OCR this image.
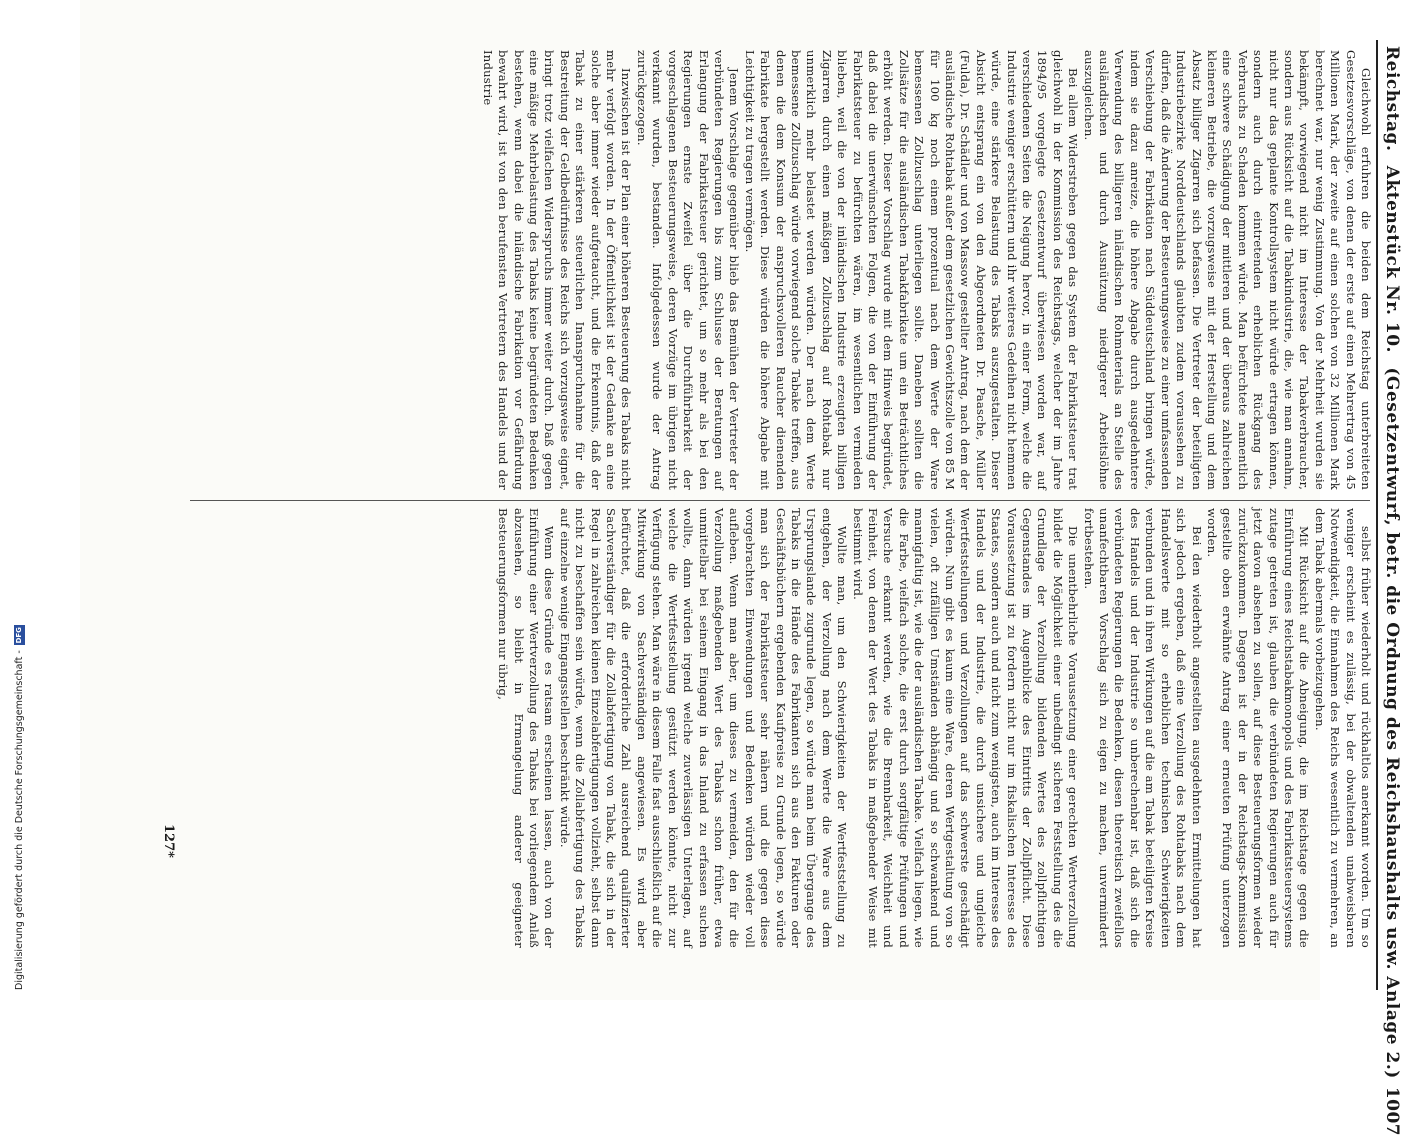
Reichstag. Aktenstück Nr. 10. (Gesetzentwurf, betr. die Ordnung des Reichshaushalts usw. Anlage 2.)
1007

Gleichwohl erfuhren die beiden dem Reichstag unterbreiteten Gesetzesvorschläge, von denen der erste auf einen Mehrertrag von 45 Millionen Mark, der zweite auf einen solchen von 32 Millionen Mark berechnet war, nur wenig Zustimmung. Von der Mehrheit wurden sie bekämpft, vorwiegend nicht im Interesse der Tabakverbraucher, sondern aus Rücksicht auf die Tabakindustrie, die, wie man annahm, nicht nur das geplante Kontrollsystem nicht würde ertragen können, sondern auch durch eintretenden erheblichen Rückgang des Verbrauchs zu Schaden kommen würde. Man befürchtete namentlich eine schwere Schädigung der mittleren und der überaus zahlreichen kleineren Betriebe, die vorzugsweise mit der Herstellung und dem Absatz billiger Zigarren sich befassen. Die Vertreter der beteiligten Industriebezirke Norddeutschlands glaubten zudem voraussehen zu dürfen, daß die Änderung der Besteuerungsweise zu einer umfassenden Verschiebung der Fabrikation nach Süddeutschland bringen würde, indem sie dazu anreize, die höhere Abgabe durch ausgedehntere Verwendung des billigeren inländischen Rohmaterials an Stelle des ausländischen und durch Ausnützung niedrigerer Arbeitslöhne auszugleichen.

Bei allem Widerstreben gegen das System der Fabrikatsteuer trat gleichwohl in der Kommission des Reichstags, welcher der im Jahre 1894/95 vorgelegte Gesetzentwurf überwiesen worden war, auf verschiedenen Seiten die Neigung hervor, in einer Form, welche die Industrie weniger erschüttern und ihr weiteres Gedeihen nicht hemmen würde, eine stärkere Belastung des Tabaks auszugestalten. Dieser Absicht entsprang ein von den Abgeordneten Dr. Paasche, Müller (Fulda), Dr. Schädler und von Massow gestellter Antrag, nach dem der ausländische Rohtabak außer dem gesetzlichen Gewichtszolle von 85 M für 100 kg noch einem prozentual nach dem Werte der Ware bemessenen Zollzuschlag unterliegen sollte. Daneben sollten die Zollsätze für die ausländischen Tabakfabrikate um ein Beträchtliches erhöht werden. Dieser Vorschlag wurde mit dem Hinweis begründet, daß dabei die unerwünschten Folgen, die von der Einführung der Fabrikatsteuer zu befürchten wären, im wesentlichen vermieden blieben, weil die von der inländischen Industrie erzeugten billigen Zigarren durch einen mäßigen Zollzuschlag auf Rohtabak nur unmerklich mehr belastet werden würden. Der nach dem Werte bemessene Zollzuschlag würde vorwiegend solche Tabake treffen, aus denen die dem Konsum der anspruchsvolleren Raucher dienenden Fabrikate hergestellt werden. Diese würden die höhere Abgabe mit Leichtigkeit zu tragen vermögen.

Jenem Vorschlage gegenüber blieb das Bemühen der Vertreter der verbündeten Regierungen bis zum Schlusse der Beratungen auf Erlangung der Fabrikatsteuer gerichtet, um so mehr als bei den Regierungen ernste Zweifel über die Durchführbarkeit der vorgeschlagenen Besteuerungsweise, deren Vorzüge im übrigen nicht verkannt wurden, bestanden. Infolgedessen wurde der Antrag zurückgezogen.

Inzwischen ist der Plan einer höheren Besteuerung des Tabaks nicht mehr verfolgt worden. In der Öffentlichkeit ist der Gedanke an eine solche aber immer wieder aufgetaucht, und die Erkenntnis, daß der Tabak zu einer stärkeren steuerlichen Inanspruchnahme für die Bestreitung der Geldbedürfnisse des Reichs sich vorzugsweise eignet, bringt trotz vielfachen Widerspruchs immer weiter durch. Daß gegen eine mäßige Mehrbelastung des Tabaks keine begründeten Bedenken bestehen, wenn dabei die inländische Fabrikation vor Gefährdung bewahrt wird, ist von den berufensten Vertretern des Handels und der Industrie

selbst früher wiederholt und rückhaltlos anerkannt worden. Um so weniger erscheint es zulässig, bei der obwaltenden unabweisbaren Notwendigkeit, die Einnahmen des Reichs wesentlich zu vermehren, an dem Tabak abermals vorbeizugehen.

Mit Rücksicht auf die Abneigung, die im Reichstage gegen die Einführung eines Reichstabakmonopols und des Fabrikatsteuersystems zutage getreten ist, glauben die verbündeten Regierungen auch für jetzt davon absehen zu sollen, auf diese Besteuerungsformen wieder zurückzukommen. Dagegen ist der in der Reichstags-Kommission gestellte oben erwähnte Antrag einer erneuten Prüfung unterzogen worden.

Bei den wiederholt angestellten ausgedehnten Ermittelungen hat sich jedoch ergeben, daß eine Verzollung des Rohtabaks nach dem Handelswerte mit so erheblichen technischen Schwierigkeiten verbunden und in ihren Wirkungen auf die am Tabak beteiligten Kreise des Handels und der Industrie so unberechenbar ist, daß sich die verbündeten Regierungen die Bedenken, diesen theoretisch zweifellos unanfechtbaren Vorschlag sich zu eigen zu machen, unvermindert fortbestehen.

Die unentbehrliche Voraussetzung einer gerechten Wertverzollung bildet die Möglichkeit einer unbedingt sicheren Feststellung des die Grundlage der Verzollung bildenden Wertes des zollpflichtigen Gegenstandes im Augenblicke des Eintritts der Zollpflicht. Diese Voraussetzung ist zu fordern nicht nur im fiskalischen Interesse des Staates, sondern auch und nicht zum wenigsten, auch im Interesse des Handels und der Industrie, die durch unsichere und ungleiche Wertfeststellungen und Verzollungen auf das schwerste geschädigt würden. Nun gibt es kaum eine Ware, deren Wertgestaltung von so vielen, oft zufälligen Umständen abhängig und so schwankend und mannigfaltig ist, wie die der ausländischen Tabake. Vielfach liegen, wie die Farbe, vielfach solche, die erst durch sorgfältige Prüfungen und Versuche erkannt werden, wie die Brennbarkeit, Weichheit und Feinheit, von denen der Wert des Tabaks in maßgebender Weise mit bestimmt wird.

Wollte man, um den Schwierigkeiten der Wertfeststellung zu entgehen, der Verzollung nach dem Werte die Ware aus dem Ursprungslande zugrunde legen, so würde man beim Übergange des Tabaks in die Hände des Fabrikanten sich aus den Fakturen oder Geschäftsbüchern ergebenden Kaufpreise zu Grunde legen, so würde man sich der Fabrikatsteuer sehr nähern und die gegen diese vorgebrachten Einwendungen und Bedenken würden wieder voll aufleben. Wenn man aber, um dieses zu vermeiden, den für die Verzollung maßgebenden Wert des Tabaks schon früher, etwa unmittelbar bei seinem Eingang in das Inland zu erfassen suchen wollte, dann würden irgend welche zuverlässigen Unterlagen, auf welche die Wertfeststellung gestützt werden könnte, nicht zur Verfügung stehen. Man wäre in diesem Falle fast ausschließlich auf die Mitwirkung von Sachverständigen angewiesen. Es wird aber befürchtet, daß die erforderliche Zahl ausreichend qualifizierter Sachverständiger für die Zollabfertigung von Tabak, die sich in der Regel in zahlreichen kleinen Einzelabfertigungen vollzieht, selbst dann nicht zu beschaffen sein würde, wenn die Zollabfertigung des Tabaks auf einzelne wenige Eingangsstellen beschränkt würde.

Wenn diese Gründe es ratsam erscheinen lassen, auch von der Einführung einer Wertverzollung des Tabaks bei vorliegendem Anlaß abzusehen, so bleibt in Ermangelung anderer geeigneter Besteuerungsformen nur übrig,

127*
Digitalisierung gefördert durch die Deutsche Forschungsgemeinschaft -
DFG
